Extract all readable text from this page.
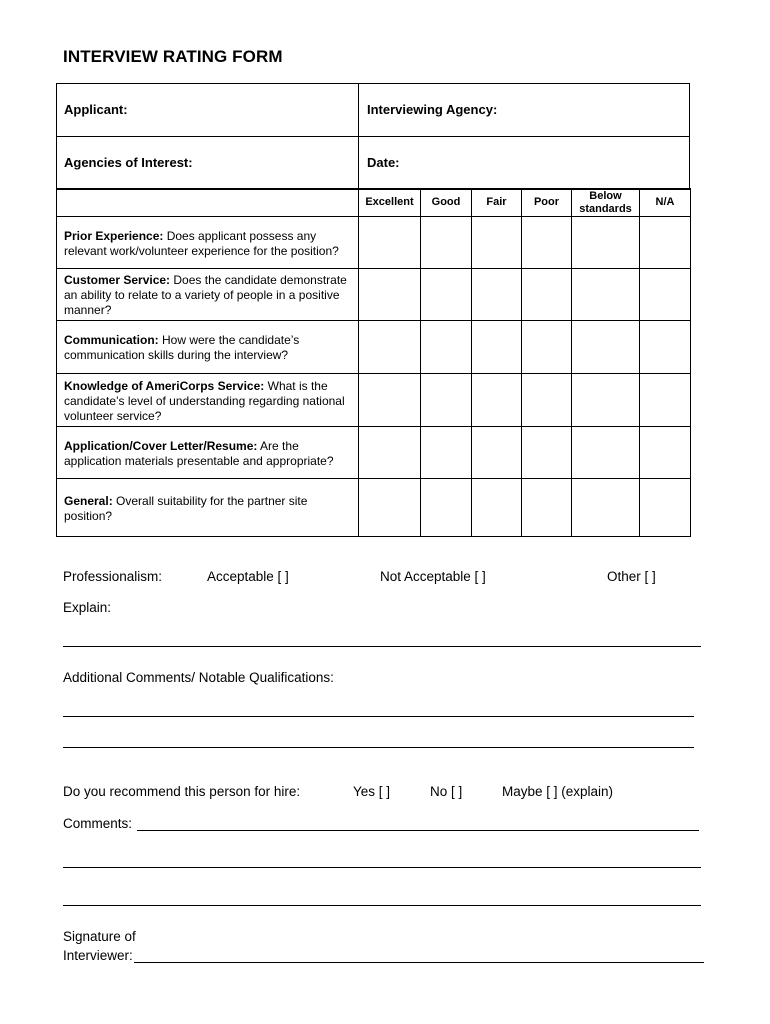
INTERVIEW RATING FORM
Applicant:	Interviewing Agency:
Agencies of Interest:	Date:
	Excellent	Good	Fair	Poor	Below standards	N/A
Prior Experience: Does applicant possess any relevant work/volunteer experience for the position?						
Customer Service: Does the candidate demonstrate an ability to relate to a variety of people in a positive manner?						
Communication: How were the candidate’s communication skills during the interview?						
Knowledge of AmeriCorps Service: What is the candidate’s level of understanding regarding national volunteer service?						
Application/Cover Letter/Resume: Are the application materials presentable and appropriate?						
General: Overall suitability for the partner site position?						
Professionalism:	Acceptable [ ]	Not Acceptable [ ]	Other [ ]
Explain:
Additional Comments/ Notable Qualifications:
Do you recommend this person for hire:	Yes [ ]	No [ ]	Maybe [ ] (explain)
Comments:
Signature of
Interviewer:
